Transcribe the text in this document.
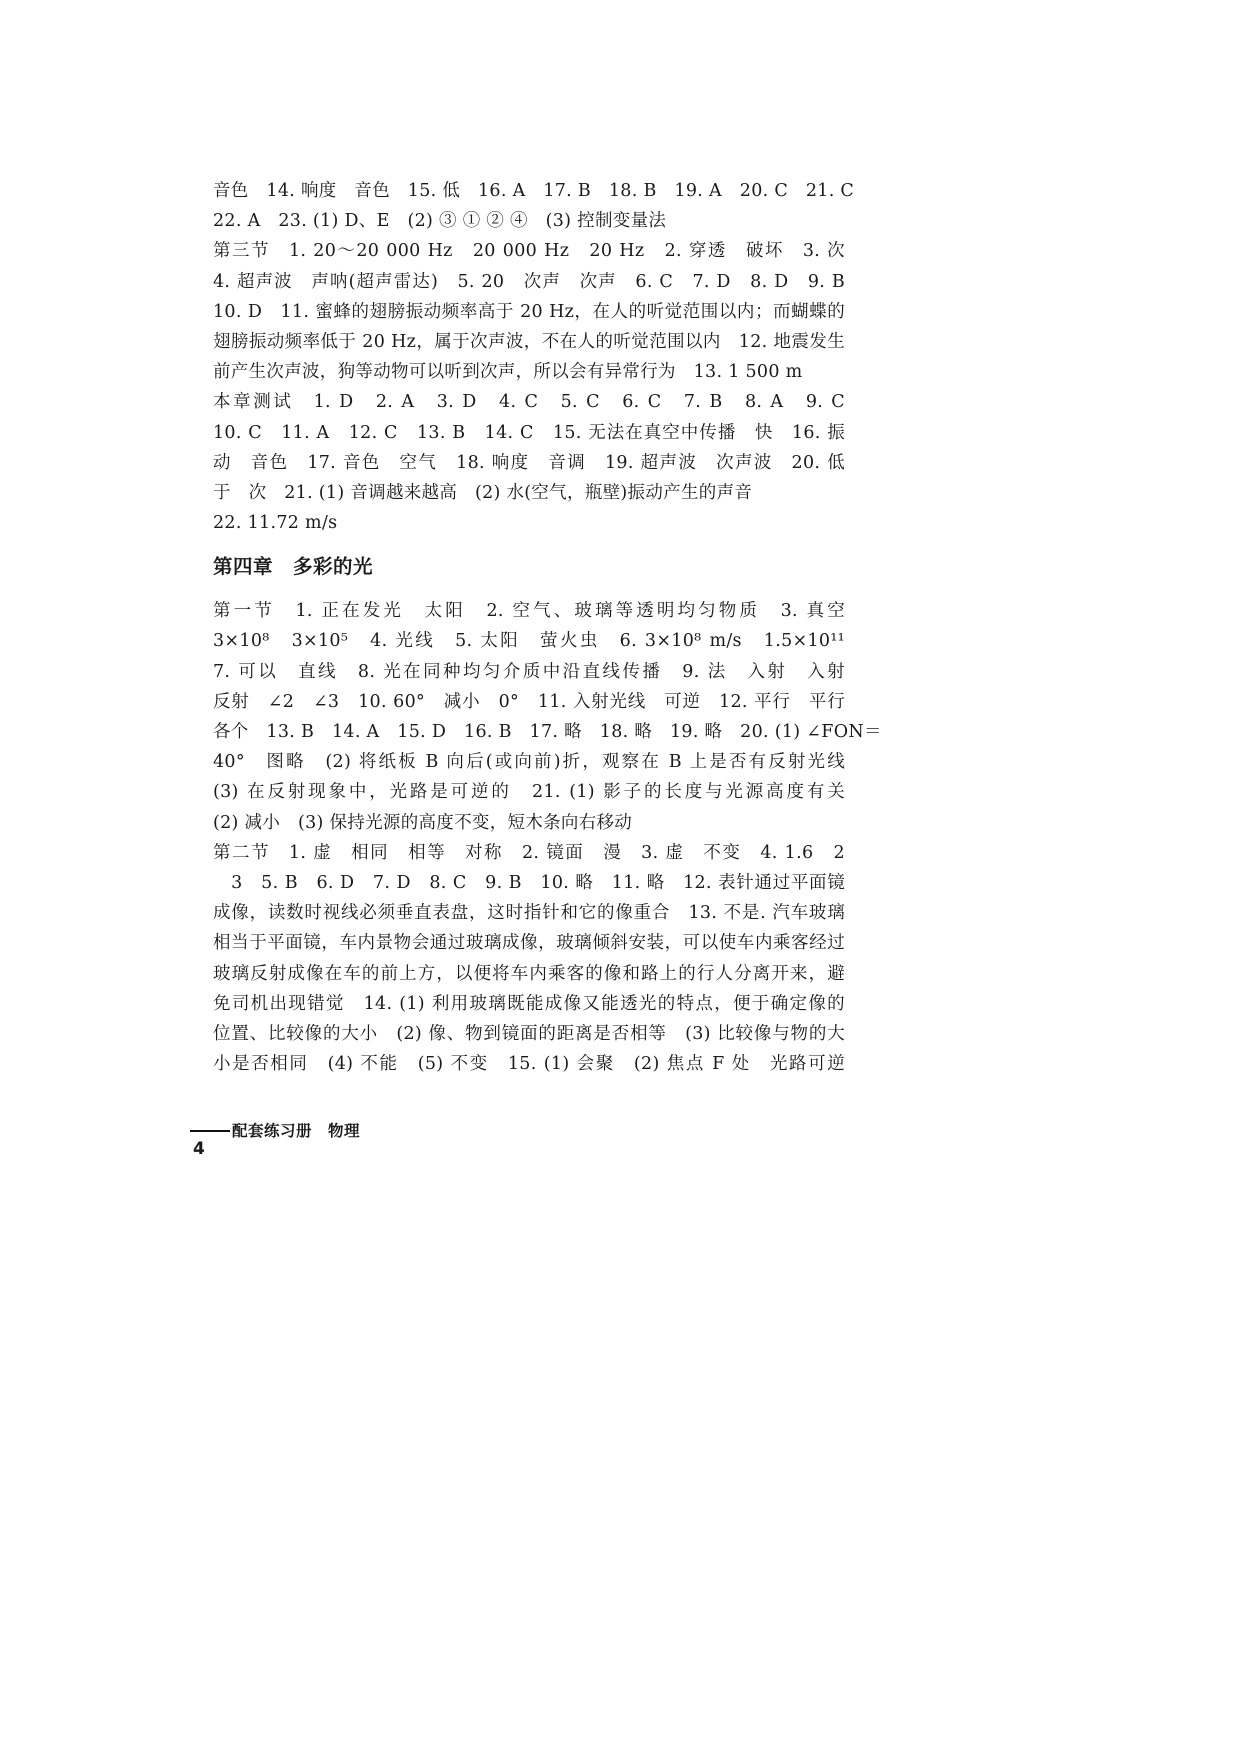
音色　14. 响度　音色　15. 低　16. A　17. B　18. B　19. A　20. C　21. C
22. A　23. (1) D、E　(2) ③ ① ② ④　(3) 控制变量法
第三节　1. 20～20 000 Hz　20 000 Hz　20 Hz　2. 穿透　破坏　3. 次
4. 超声波　声呐(超声雷达)　5. 20　次声　次声　6. C　7. D　8. D　9. B
10. D　11. 蜜蜂的翅膀振动频率高于 20 Hz，在人的听觉范围以内；而蝴蝶的
翅膀振动频率低于 20 Hz，属于次声波，不在人的听觉范围以内　12. 地震发生
前产生次声波，狗等动物可以听到次声，所以会有异常行为　13. 1 500 m
本章测试　1. D　2. A　3. D　4. C　5. C　6. C　7. B　8. A　9. C
10. C　11. A　12. C　13. B　14. C　15. 无法在真空中传播　快　16. 振
动　音色　17. 音色　空气　18. 响度　音调　19. 超声波　次声波　20. 低
于　次　21. (1) 音调越来越高　(2) 水(空气，瓶壁)振动产生的声音
22. 11.72 m/s
第四章　多彩的光
第一节　1. 正在发光　太阳　2. 空气、玻璃等透明均匀物质　3. 真空
3×10⁸　3×10⁵　4. 光线　5. 太阳　萤火虫　6. 3×10⁸ m/s　1.5×10¹¹
7. 可以　直线　8. 光在同种均匀介质中沿直线传播　9. 法　入射　入射
反射　∠2　∠3　10. 60°　减小　0°　11. 入射光线　可逆　12. 平行　平行
各个　13. B　14. A　15. D　16. B　17. 略　18. 略　19. 略　20. (1) ∠FON＝
40°　图略　(2) 将纸板 B 向后(或向前)折，观察在 B 上是否有反射光线
(3) 在反射现象中，光路是可逆的　21. (1) 影子的长度与光源高度有关
(2) 减小　(3) 保持光源的高度不变，短木条向右移动
第二节　1. 虚　相同　相等　对称　2. 镜面　漫　3. 虚　不变　4. 1.6　2
　3　5. B　6. D　7. D　8. C　9. B　10. 略　11. 略　12. 表针通过平面镜
成像，读数时视线必须垂直表盘，这时指针和它的像重合　13. 不是. 汽车玻璃
相当于平面镜，车内景物会通过玻璃成像，玻璃倾斜安装，可以使车内乘客经过
玻璃反射成像在车的前上方，以便将车内乘客的像和路上的行人分离开来，避
免司机出现错觉　14. (1) 利用玻璃既能成像又能透光的特点，便于确定像的
位置、比较像的大小　(2) 像、物到镜面的距离是否相等　(3) 比较像与物的大
小是否相同　(4) 不能　(5) 不变　15. (1) 会聚　(2) 焦点 F 处　光路可逆
配套练习册　物理
4
